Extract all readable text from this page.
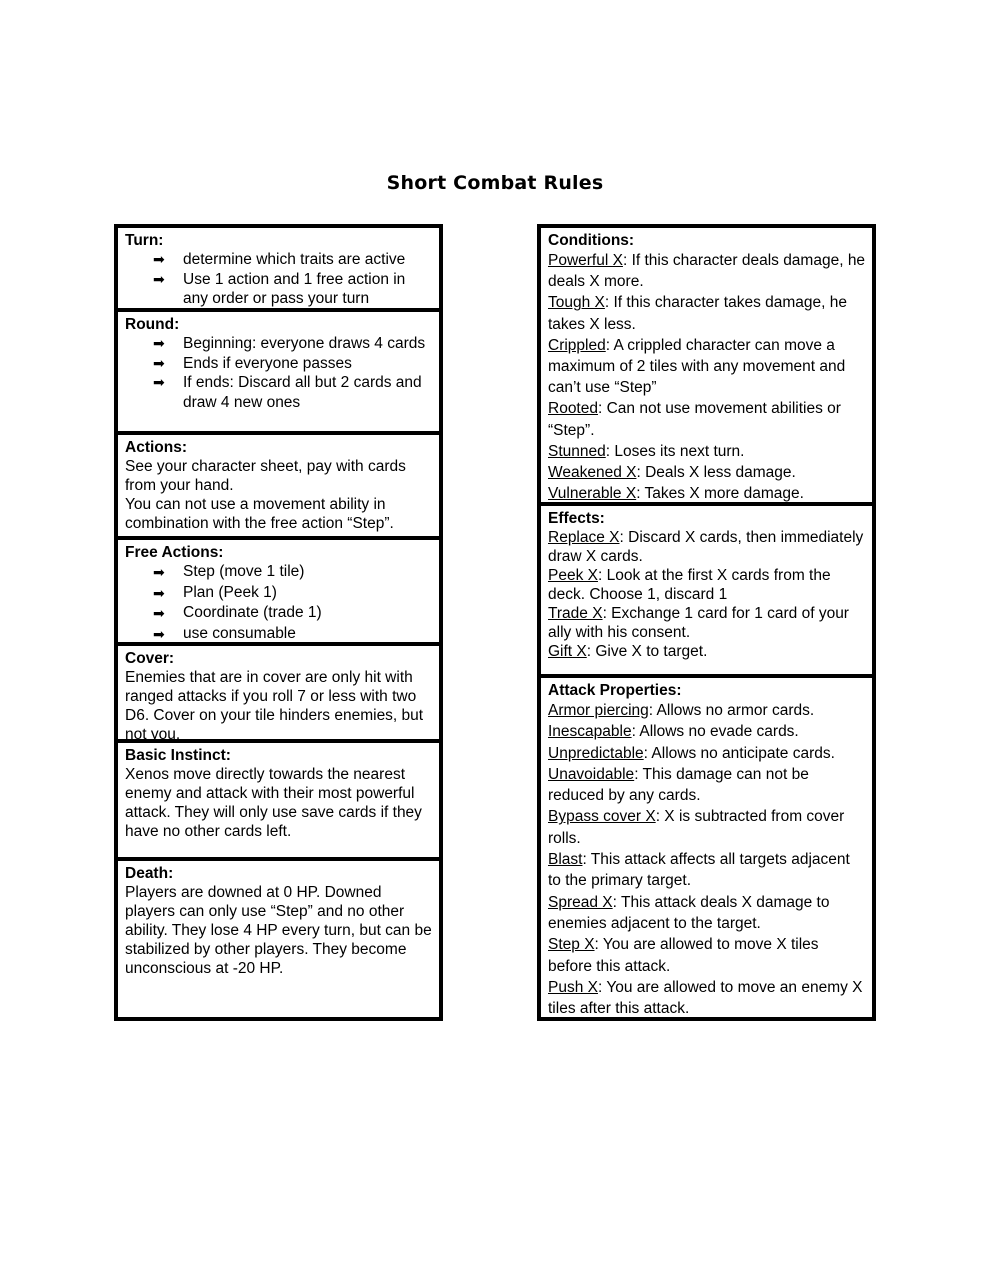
Short Combat Rules
Turn:
➡ determine which traits are active
➡ Use 1 action and 1 free action in any order or pass your turn
Round:
➡ Beginning: everyone draws 4 cards
➡ Ends if everyone passes
➡ If ends: Discard all but 2 cards and draw 4 new ones
Actions:

See your character sheet, pay with cards from your hand.

You can not use a movement ability in combination with the free action “Step”.

Free Actions:
➡ Step (move 1 tile)
➡ Plan (Peek 1)
➡ Coordinate (trade 1)
➡ use consumable
Cover:

Enemies that are in cover are only hit with ranged attacks if you roll 7 or less with two D6. Cover on your tile hinders enemies, but not you.

Basic Instinct:

Xenos move directly towards the nearest enemy and attack with their most powerful attack. They will only use save cards if they have no other cards left.

Death:

Players are downed at 0 HP. Downed players can only use “Step” and no other ability. They lose 4 HP every turn, but can be stabilized by other players. They become unconscious at -20 HP.

Conditions:
Powerful X: If this character deals damage, he deals X more.
Tough X: If this character takes damage, he takes X less.
Crippled: A crippled character can move a maximum of 2 tiles with any movement and can’t use “Step”
Rooted: Can not use movement abilities or “Step”.
Stunned: Loses its next turn.
Weakened X: Deals X less damage.
Vulnerable X: Takes X more damage.
Effects:
Replace X: Discard X cards, then immediately draw X cards.
Peek X: Look at the first X cards from the deck. Choose 1, discard 1
Trade X: Exchange 1 card for 1 card of your ally with his consent.
Gift X: Give X to target.
Attack Properties:
Armor piercing: Allows no armor cards.
Inescapable: Allows no evade cards.
Unpredictable: Allows no anticipate cards.
Unavoidable: This damage can not be reduced by any cards.
Bypass cover X: X is subtracted from cover rolls.
Blast: This attack affects all targets adjacent to the primary target.
Spread X: This attack deals X damage to enemies adjacent to the target.
Step X: You are allowed to move X tiles before this attack.
Push X: You are allowed to move an enemy X tiles after this attack.
